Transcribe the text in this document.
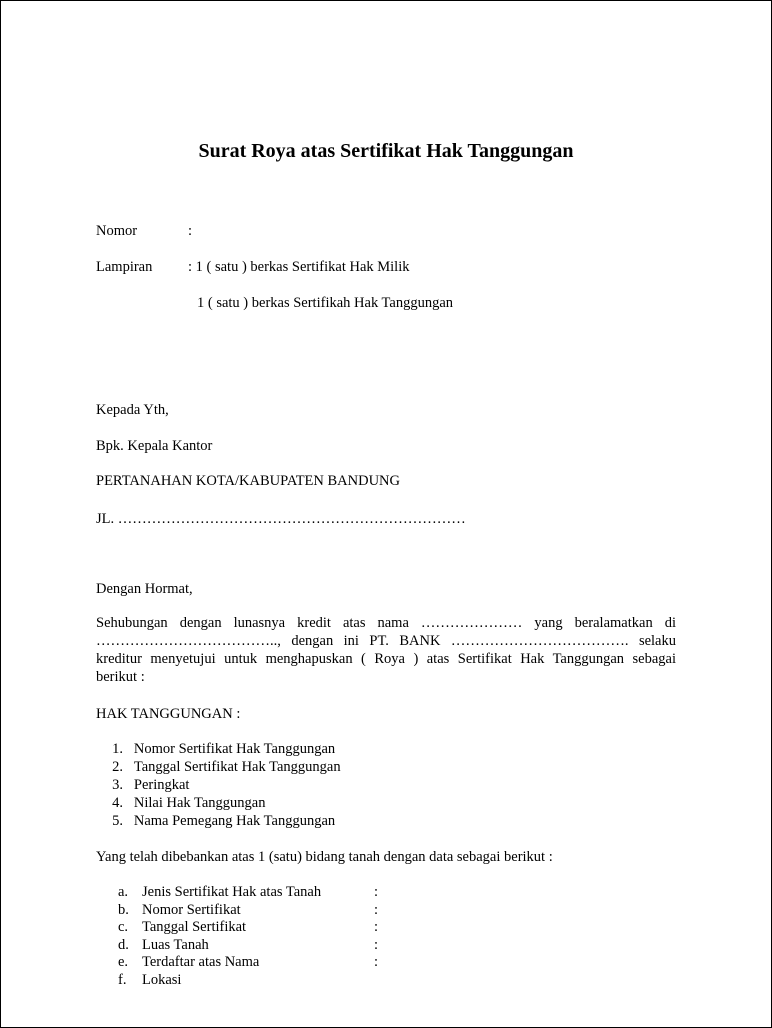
Surat Roya atas Sertifikat Hak Tanggungan
Nomor	:
Lampiran : 1 ( satu ) berkas Sertifikat Hak Milik
1 ( satu ) berkas Sertifikah Hak Tanggungan
Kepada Yth,
Bpk. Kepala Kantor
PERTANAHAN KOTA/KABUPATEN BANDUNG
JL. ………………………………………………………………
Dengan Hormat,
Sehubungan dengan lunasnya kredit atas nama ………………… yang beralamatkan di
……………………………….., dengan ini PT. BANK ………………………………. selaku
kreditur menyetujui untuk menghapuskan ( Roya ) atas Sertifikat Hak Tanggungan sebagai
berikut :
HAK TANGGUNGAN :
1. Nomor Sertifikat Hak Tanggungan
2. Tanggal Sertifikat Hak Tanggungan
3. Peringkat
4. Nilai Hak Tanggungan
5. Nama Pemegang Hak Tanggungan
Yang telah dibebankan atas 1 (satu) bidang tanah dengan data sebagai berikut :
a. Jenis Sertifikat Hak atas Tanah	:
b. Nomor Sertifikat	:
c. Tanggal Sertifikat	:
d. Luas Tanah	:
e. Terdaftar atas Nama	:
f. Lokasi
